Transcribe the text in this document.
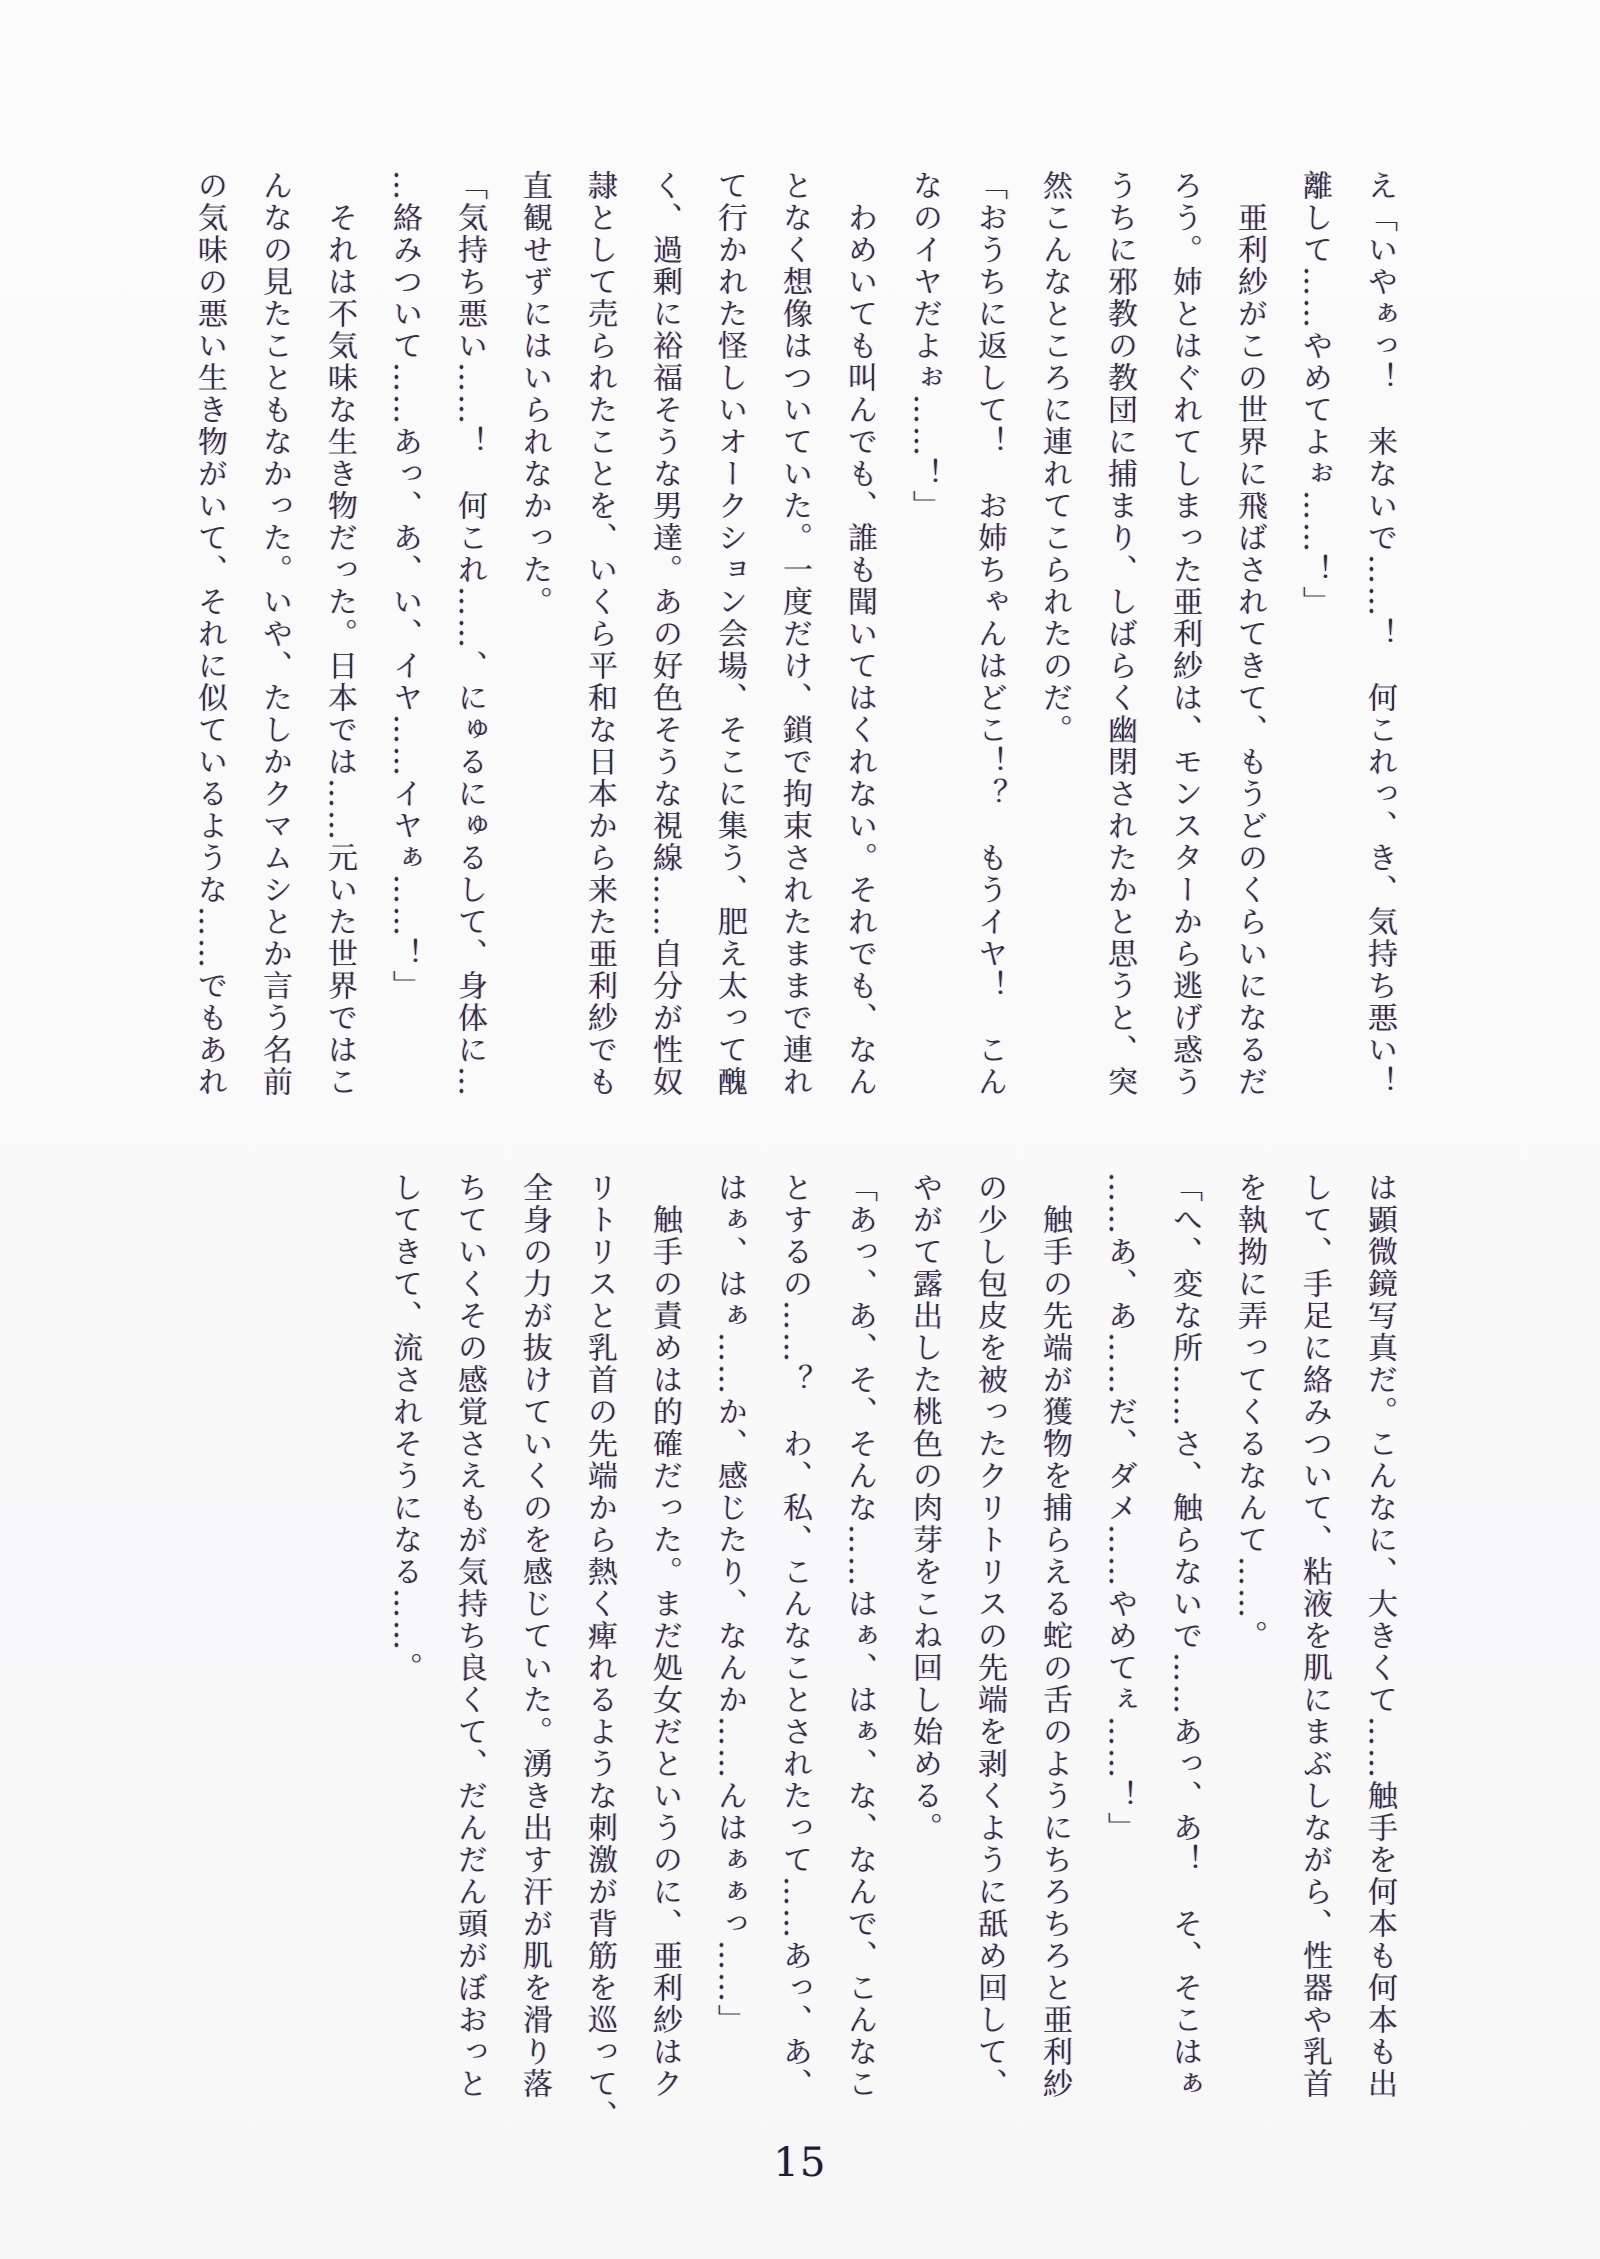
え「いやぁっ！　来ないで……！　何これっ、き、気持ち悪い！

離して……やめてよぉ……！」

　亜利紗がこの世界に飛ばされてきて、もうどのくらいになるだ

ろう。姉とはぐれてしまった亜利紗は、モンスターから逃げ惑う

うちに邪教の教団に捕まり、しばらく幽閉されたかと思うと、突

然こんなところに連れてこられたのだ。

「おうちに返して！　お姉ちゃんはどこ！？　もうイヤ！　こん

なのイヤだよぉ……！」

　わめいても叫んでも、誰も聞いてはくれない。それでも、なん

となく想像はついていた。一度だけ、鎖で拘束されたままで連れ

て行かれた怪しいオークション会場、そこに集う、肥え太って醜

く、過剰に裕福そうな男達。あの好色そうな視線……自分が性奴

隷として売られたことを、いくら平和な日本から来た亜利紗でも

直観せずにはいられなかった。

「気持ち悪い……！　何これ……、にゅるにゅるして、身体に…

…絡みついて……あっ、あ、い、イヤ……イヤぁ……！」

　それは不気味な生き物だった。日本では……元いた世界ではこ

んなの見たこともなかった。いや、たしかクマムシとか言う名前

の気味の悪い生き物がいて、それに似ているような……でもあれ

は顕微鏡写真だ。こんなに、大きくて……触手を何本も何本も出

して、手足に絡みついて、粘液を肌にまぶしながら、性器や乳首

を執拗に弄ってくるなんて……。

「へ、変な所……さ、触らないで……あっ、あ！　そ、そこはぁ

……あ、あ……だ、ダメ……やめてぇ……！」

　触手の先端が獲物を捕らえる蛇の舌のようにちろちろと亜利紗

の少し包皮を被ったクリトリスの先端を剥くように舐め回して、

やがて露出した桃色の肉芽をこね回し始める。

「あっ、あ、そ、そんな……はぁ、はぁ、な、なんで、こんなこ

とするの……？　わ、私、こんなことされたって……あっ、あ、

はぁ、はぁ……か、感じたり、なんか……んはぁぁっ……」

　触手の責めは的確だった。まだ処女だというのに、亜利紗はク

リトリスと乳首の先端から熱く痺れるような刺激が背筋を巡って、

全身の力が抜けていくのを感じていた。湧き出す汗が肌を滑り落

ちていくその感覚さえもが気持ち良くて、だんだん頭がぼおっと

してきて、流されそうになる……。

15
